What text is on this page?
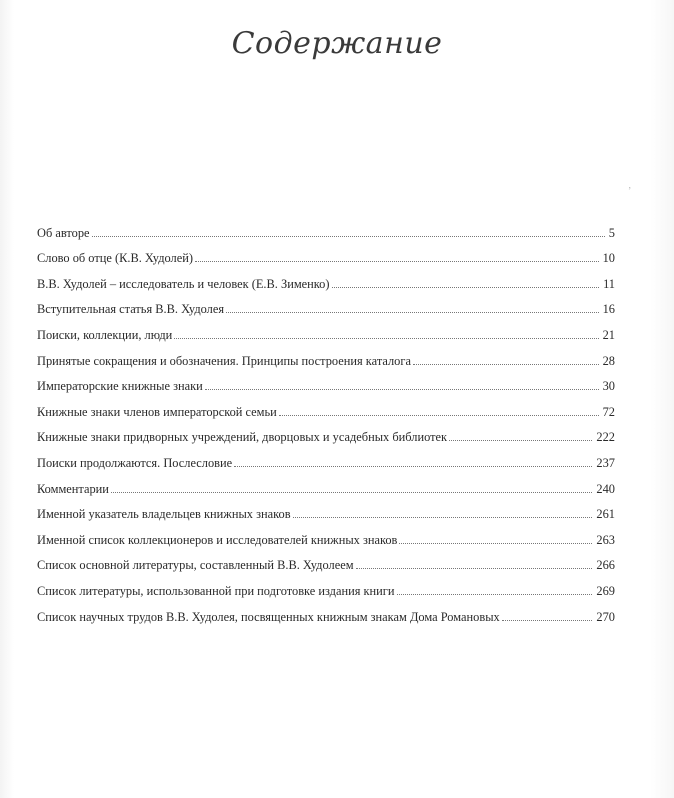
Содержание
’
Об авторе	5
Слово об отце (К.В. Худолей)	10
В.В. Худолей – исследователь и человек (Е.В. Зименко)	11
Вступительная статья В.В. Худолея	16
Поиски, коллекции, люди	21
Принятые сокращения и обозначения. Принципы построения каталога	28
Императорские книжные знаки	30
Книжные знаки членов императорской семьи	72
Книжные знаки придворных учреждений, дворцовых и усадебных библиотек	222
Поиски продолжаются. Послесловие	237
Комментарии	240
Именной указатель владельцев книжных знаков	261
Именной список коллекционеров и исследователей книжных знаков	263
Список основной литературы, составленный В.В. Худолеем	266
Список литературы, использованной при подготовке издания книги	269
Список научных трудов В.В. Худолея, посвященных книжным знакам Дома Романовых	270
